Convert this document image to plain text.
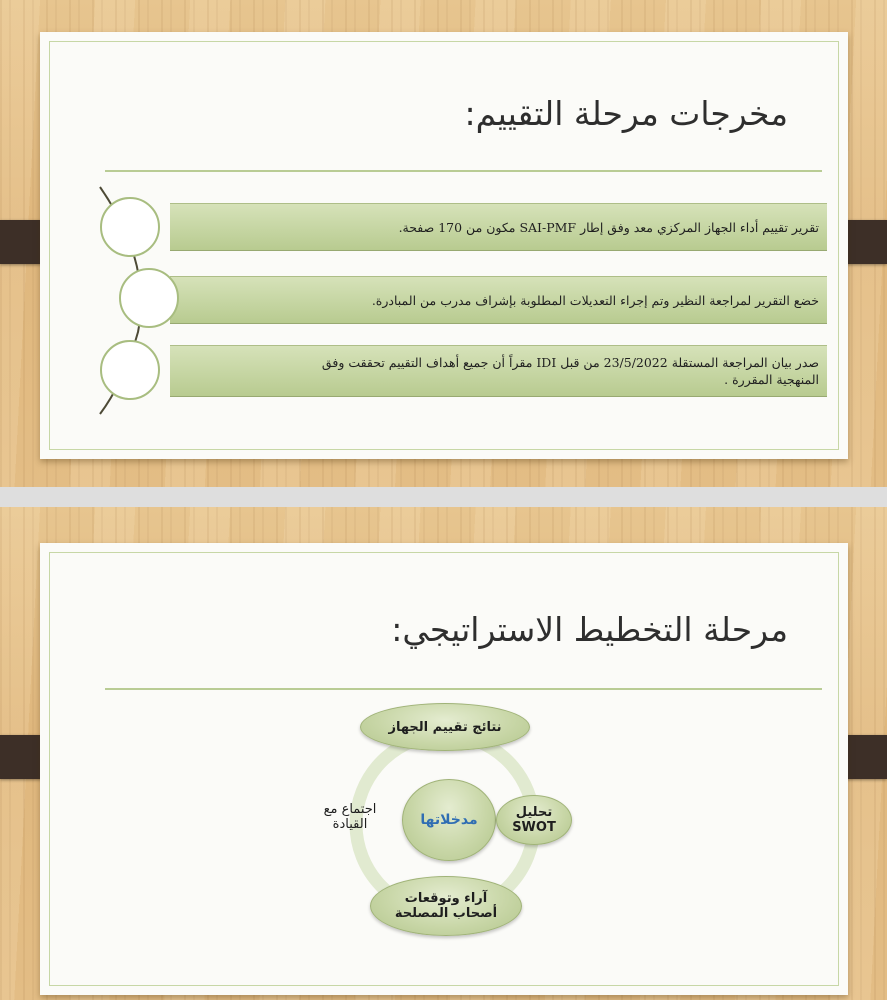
مخرجات مرحلة التقييم:
تقرير تقييم أداء الجهاز المركزي معد وفق إطار SAI-PMF مكون من 170 صفحة.
خضع التقرير لمراجعة النظير وتم إجراء التعديلات المطلوبة بإشراف مدرب من المبادرة.
صدر بيان المراجعة المستقلة 23/5/2022 من قبل IDI مقراً أن جميع أهداف التقييم تحققت وفق المنهجية المقررة .
مرحلة التخطيط الاستراتيجي:
نتائج تقييم الجهاز
مدخلاتها	تحليل SWOT
اجتماع مع القيادة
آراء وتوقعات أصحاب المصلحة
